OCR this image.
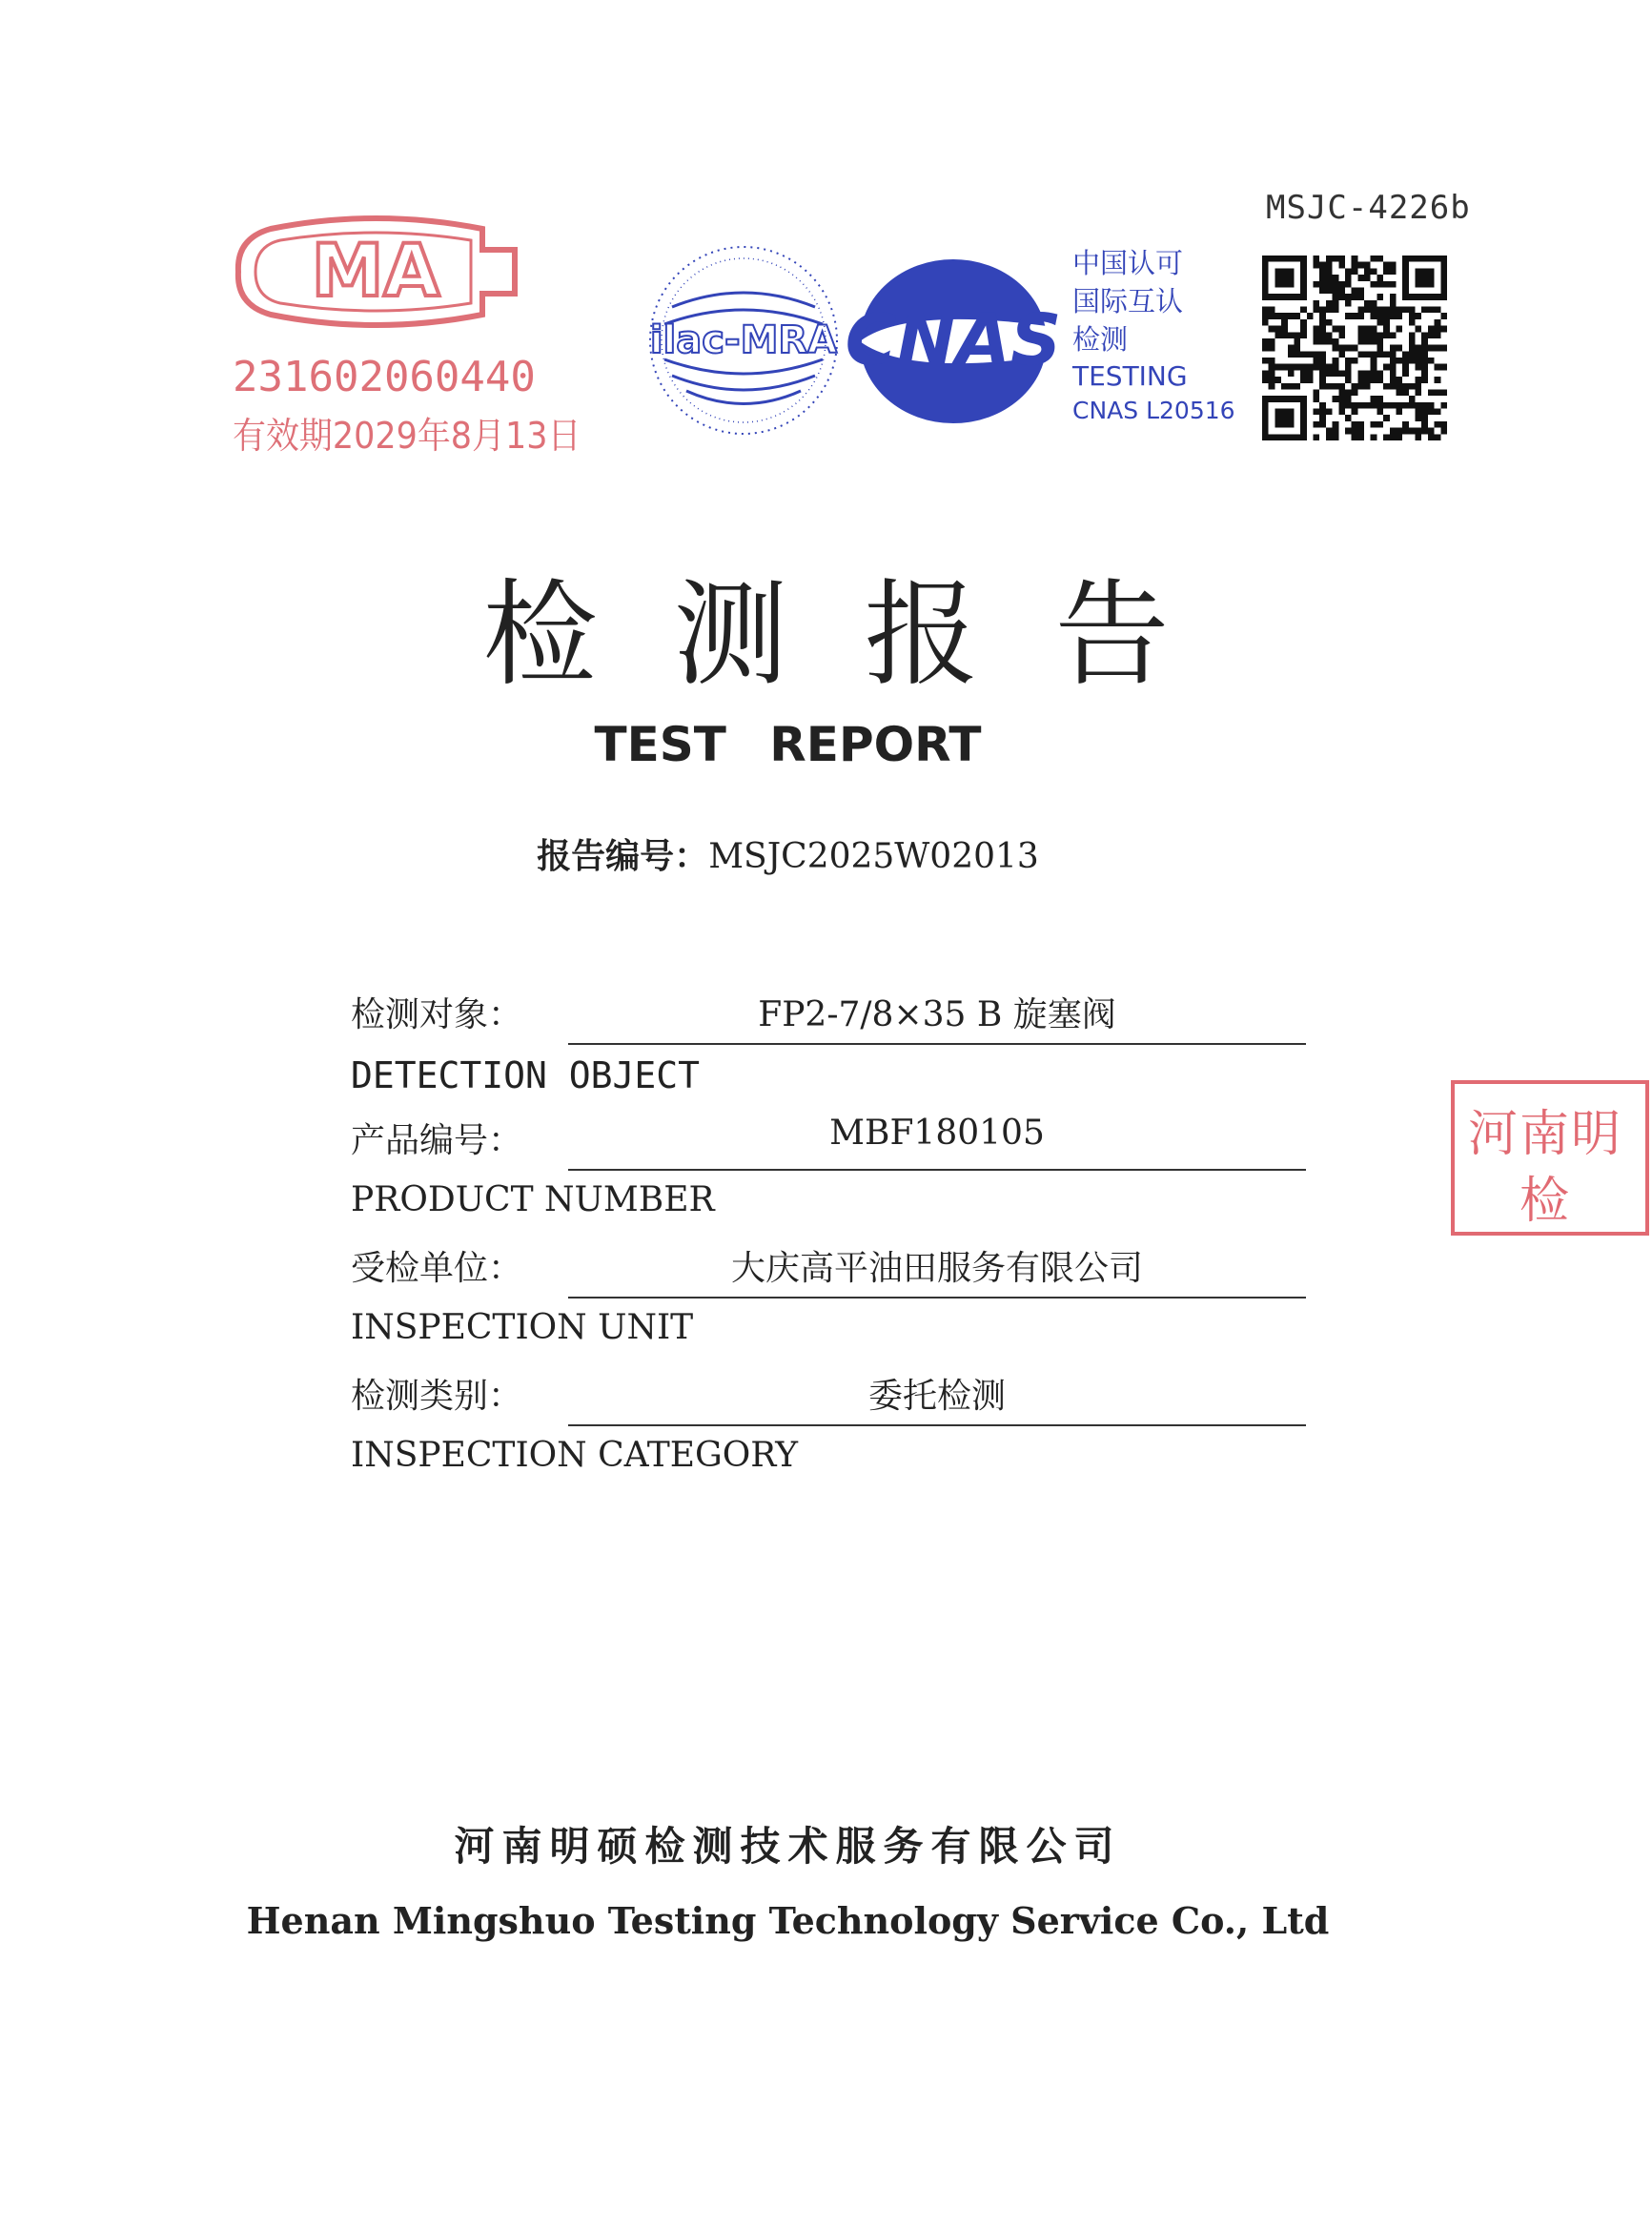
MSJC-4226b
MA
231602060440
有效期2029年8月13日
ilac-MRA CNAS
中国认可
国际互认
检测
TESTING
CNAS L20516
检测报告
TEST REPORT
报告编号：MSJC2025W02013
检测对象：	FP2-7/8×35 B 旋塞阀
DETECTION OBJECT
产品编号：	MBF180105
PRODUCT NUMBER
受检单位：	大庆高平油田服务有限公司
INSPECTION UNIT
检测类别：	委托检测
INSPECTION CATEGORY
河南明
检
河南明硕检测技术服务有限公司
Henan Mingshuo Testing Technology Service Co., Ltd
